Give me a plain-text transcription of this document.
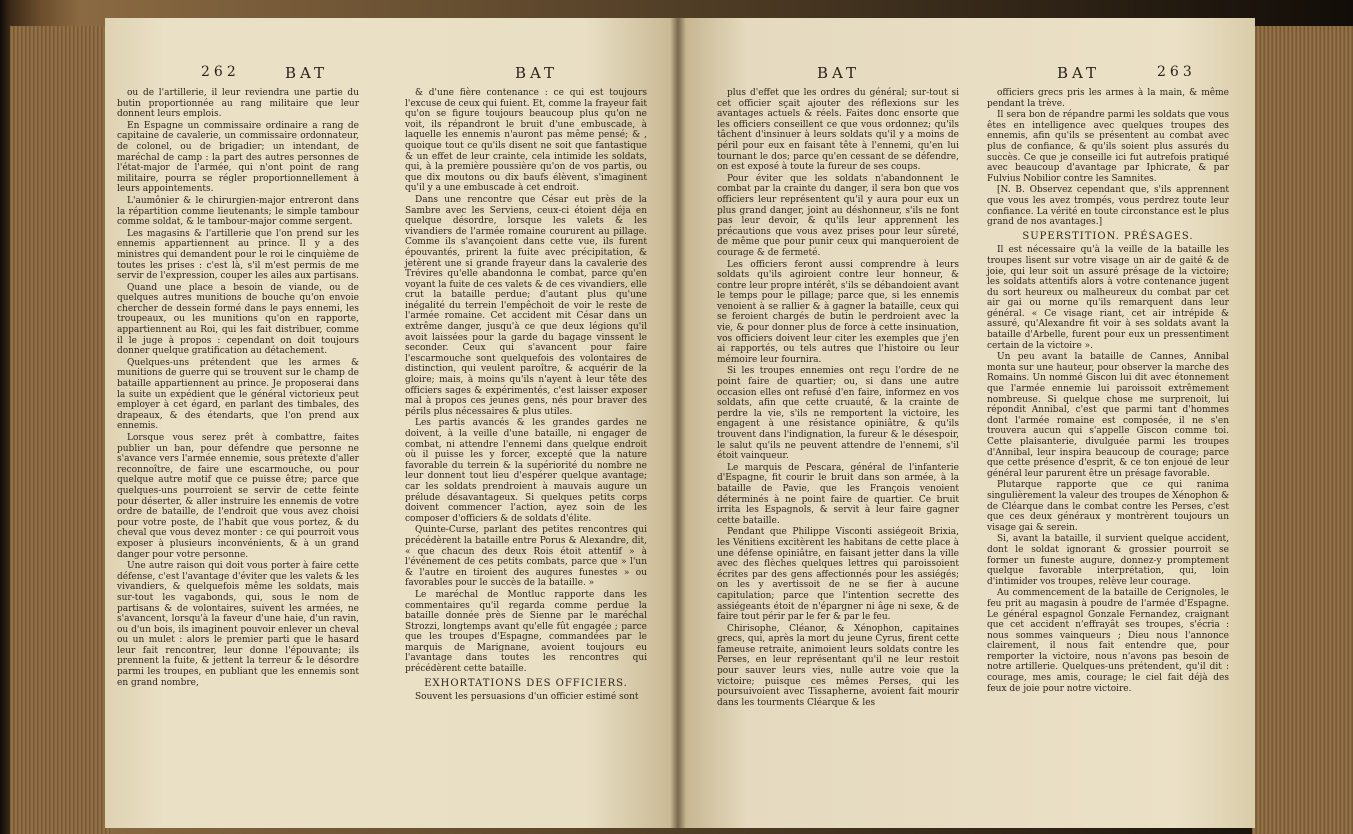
262	BAT	BAT

ou de l'artillerie, il leur reviendra une partie du butin proportionnée au rang militaire que leur donnent leurs emplois.

En Espagne un commissaire ordinaire a rang de capitaine de cavalerie, un commissaire ordonnateur, de colonel, ou de brigadier; un intendant, de maréchal de camp : la part des autres personnes de l'état-major de l'armée, qui n'ont point de rang militaire, pourra se régler proportionnellement à leurs appointements.

L'aumônier & le chirurgien-major entreront dans la répartition comme lieutenants; le simple tambour comme soldat, & le tambour-major comme sergent.

Les magasins & l'artillerie que l'on prend sur les ennemis appartiennent au prince. Il y a des ministres qui demandent pour le roi le cinquième de toutes les prises : c'est là, s'il m'est permis de me servir de l'expression, couper les ailes aux partisans.

Quand une place a besoin de viande, ou de quelques autres munitions de bouche qu'on envoie chercher de dessein formé dans le pays ennemi, les troupeaux, ou les munitions qu'on en rapporte, appartiennent au Roi, qui les fait distribuer, comme il le juge à propos : cependant on doit toujours donner quelque gratification au détachement.

Quelques-uns prétendent que les armes & munitions de guerre qui se trouvent sur le champ de bataille appartiennent au prince. Je proposerai dans la suite un expédient que le général victorieux peut employer à cet égard, en parlant des timbales, des drapeaux, & des étendarts, que l'on prend aux ennemis.

Lorsque vous serez prêt à combattre, faites publier un ban, pour défendre que personne ne s'avance vers l'armée ennemie, sous prétexte d'aller reconnoître, de faire une escarmouche, ou pour quelque autre motif que ce puisse être; parce que quelques-uns pourroient se servir de cette feinte pour déserter, & aller instruire les ennemis de votre ordre de bataille, de l'endroit que vous avez choisi pour votre poste, de l'habit que vous portez, & du cheval que vous devez monter : ce qui pourroit vous exposer à plusieurs inconvénients, & à un grand danger pour votre personne.

Une autre raison qui doit vous porter à faire cette défense, c'est l'avantage d'éviter que les valets & les vivandiers, & quelquefois même les soldats, mais sur-tout les vagabonds, qui, sous le nom de partisans & de volontaires, suivent les armées, ne s'avancent, lorsqu'à la faveur d'une haie, d'un ravin, ou d'un bois, ils imaginent pouvoir enlever un cheval ou un mulet : alors le premier parti que le hasard leur fait rencontrer, leur donne l'épouvante; ils prennent la fuite, & jettent la terreur & le désordre parmi les troupes, en publiant que les ennemis sont en grand nombre,

& d'une fière contenance : ce qui est toujours l'excuse de ceux qui fuient. Et, comme la frayeur fait qu'on se figure toujours beaucoup plus qu'on ne voit, ils répandront le bruit d'une embuscade, à laquelle les ennemis n'auront pas même pensé; & , quoique tout ce qu'ils disent ne soit que fantastique & un effet de leur crainte, cela intimide les soldats, qui, à la première poussière qu'on de vos partis, ou que dix moutons ou dix baufs élèvent, s'imaginent qu'il y a une embuscade à cet endroit.

Dans une rencontre que César eut près de la Sambre avec les Serviens, ceux-ci étoient déja en quelque désordre, lorsque les valets & les vivandiers de l'armée romaine coururent au pillage. Comme ils s'avançoient dans cette vue, ils furent épouvantés, prirent la fuite avec précipitation, & jetèrent une si grande frayeur dans la cavalerie des Trévires qu'elle abandonna le combat, parce qu'en voyant la fuite de ces valets & de ces vivandiers, elle crut la bataille perdue; d'autant plus qu'une inégalité du terrein l'empêchoit de voir le reste de l'armée romaine. Cet accident mit César dans un extrême danger, jusqu'à ce que deux légions qu'il avoit laissées pour la garde du bagage vinssent le seconder. Ceux qui s'avancent pour faire l'escarmouche sont quelquefois des volontaires de distinction, qui veulent paroître, & acquérir de la gloire; mais, à moins qu'ils n'ayent à leur tête des officiers sages & expérimentés, c'est laisser exposer mal à propos ces jeunes gens, nés pour braver des périls plus nécessaires & plus utiles.

Les partis avancés & les grandes gardes ne doivent, à la veille d'une bataille, ni engager de combat, ni attendre l'ennemi dans quelque endroit où il puisse les y forcer, excepté que la nature favorable du terrein & la supériorité du nombre ne leur donnent tout lieu d'espérer quelque avantage; car les soldats prendroient à mauvais augure un prélude désavantageux. Si quelques petits corps doivent commencer l'action, ayez soin de les composer d'officiers & de soldats d'élite.

Quinte-Curse, parlant des petites rencontres qui précédèrent la bataille entre Porus & Alexandre, dit, « que chacun des deux Rois étoit attentif » à l'événement de ces petits combats, parce que » l'un & l'autre en tiroient des augures funestes » ou favorables pour le succès de la bataille. »

Le maréchal de Montluc rapporte dans les commentaires qu'il regarda comme perdue la bataille donnée près de Sienne par le maréchal Strozzi, longtemps avant qu'elle fût engagée ; parce que les troupes d'Espagne, commandées par le marquis de Marignane, avoient toujours eu l'avantage dans toutes les rencontres qui précédèrent cette bataille.

EXHORTATIONS DES OFFICIERS.

Souvent les persuasions d'un officier estimé sont

BAT	BAT	263

plus d'effet que les ordres du général; sur-tout si cet officier sçait ajouter des réflexions sur les avantages actuels & réels. Faites donc ensorte que les officiers conseillent ce que vous ordonnez; qu'ils tâchent d'insinuer à leurs soldats qu'il y a moins de péril pour eux en faisant tête à l'ennemi, qu'en lui tournant le dos; parce qu'en cessant de se défendre, on est exposé à toute la fureur de ses coups.

Pour éviter que les soldats n'abandonnent le combat par la crainte du danger, il sera bon que vos officiers leur représentent qu'il y aura pour eux un plus grand danger, joint au déshonneur, s'ils ne font pas leur devoir, & qu'ils leur apprennent les précautions que vous avez prises pour leur sûreté, de même que pour punir ceux qui manqueroient de courage & de fermeté.

Les officiers feront aussi comprendre à leurs soldats qu'ils agiroient contre leur honneur, & contre leur propre intérêt, s'ils se débandoient avant le temps pour le pillage; parce que, si les ennemis venoient à se rallier & à gagner la bataille, ceux qui se feroient chargés de butin le perdroient avec la vie, & pour donner plus de force à cette insinuation, vos officiers doivent leur citer les exemples que j'en ai rapportés, ou tels autres que l'histoire ou leur mémoire leur fournira.

Si les troupes ennemies ont reçu l'ordre de ne point faire de quartier; ou, si dans une autre occasion elles ont refusé d'en faire, informez en vos soldats, afin que cette cruauté, & la crainte de perdre la vie, s'ils ne remportent la victoire, les engagent à une résistance opiniâtre, & qu'ils trouvent dans l'indignation, la fureur & le désespoir, le salut qu'ils ne peuvent attendre de l'ennemi, s'il étoit vainqueur.

Le marquis de Pescara, général de l'infanterie d'Espagne, fit courir le bruit dans son armée, à la bataille de Pavie, que les François venoient déterminés à ne point faire de quartier. Ce bruit irrita les Espagnols, & servit à leur faire gagner cette bataille.

Pendant que Philippe Visconti assiégeoit Brixia, les Vénitiens excitèrent les habitans de cette place à une défense opiniâtre, en faisant jetter dans la ville avec des flèches quelques lettres qui paroissoient écrites par des gens affectionnés pour les assiégés; on les y avertissoit de ne se fier à aucune capitulation; parce que l'intention secrette des assiégeants étoit de n'épargner ni âge ni sexe, & de faire tout périr par le fer & par le feu.

Chirisophe, Cléanor, & Xénophon, capitaines grecs, qui, après la mort du jeune Cyrus, firent cette fameuse retraite, animoient leurs soldats contre les Perses, en leur représentant qu'il ne leur restoit pour sauver leurs vies, nulle autre voie que la victoire; puisque ces mêmes Perses, qui les poursuivoient avec Tissapherne, avoient fait mourir dans les tourments Cléarque & les

officiers grecs pris les armes à la main, & même pendant la trève.

Il sera bon de répandre parmi les soldats que vous êtes en intelligence avec quelques troupes des ennemis, afin qu'ils se présentent au combat avec plus de confiance, & qu'ils soient plus assurés du succès. Ce que je conseille ici fut autrefois pratiqué avec beaucoup d'avantage par Iphicrate, & par Fulvius Nobilior contre les Samnites.

[N. B. Observez cependant que, s'ils apprennent que vous les avez trompés, vous perdrez toute leur confiance. La vérité en toute circonstance est le plus grand de nos avantages.]

SUPERSTITION. PRÉSAGES.

Il est nécessaire qu'à la veille de la bataille les troupes lisent sur votre visage un air de gaité & de joie, qui leur soit un assuré présage de la victoire; les soldats attentifs alors à votre contenance jugent du sort heureux ou malheureux du combat par cet air gai ou morne qu'ils remarquent dans leur général. « Ce visage riant, cet air intrépide & assuré, qu'Alexandre fit voir à ses soldats avant la bataille d'Arbelle, furent pour eux un pressentiment certain de la victoire ».

Un peu avant la bataille de Cannes, Annibal monta sur une hauteur, pour observer la marche des Romains. Un nommé Giscon lui dit avec étonnement que l'armée ennemie lui paroissoit extrêmement nombreuse. Si quelque chose me surprenoit, lui répondit Annibal, c'est que parmi tant d'hommes dont l'armée romaine est composée, il ne s'en trouvera aucun qui s'appelle Giscon comme toi. Cette plaisanterie, divulguée parmi les troupes d'Annibal, leur inspira beaucoup de courage; parce que cette présence d'esprit, & ce ton enjoué de leur général leur parurent être un présage favorable.

Plutarque rapporte que ce qui ranima singulièrement la valeur des troupes de Xénophon & de Cléarque dans le combat contre les Perses, c'est que ces deux généraux y montrèrent toujours un visage gai & serein.

Si, avant la bataille, il survient quelque accident, dont le soldat ignorant & grossier pourroit se former un funeste augure, donnez-y promptement quelque favorable interprétation, qui, loin d'intimider vos troupes, relève leur courage.

Au commencement de la bataille de Cerignoles, le feu prit au magasin à poudre de l'armée d'Espagne. Le général espagnol Gonzale Fernandez, craignant que cet accident n'effrayât ses troupes, s'écria : nous sommes vainqueurs ; Dieu nous l'annonce clairement, il nous fait entendre que, pour remporter la victoire, nous n'avons pas besoin de notre artillerie. Quelques-uns prétendent, qu'il dit : courage, mes amis, courage; le ciel fait déjà des feux de joie pour notre victoire.
